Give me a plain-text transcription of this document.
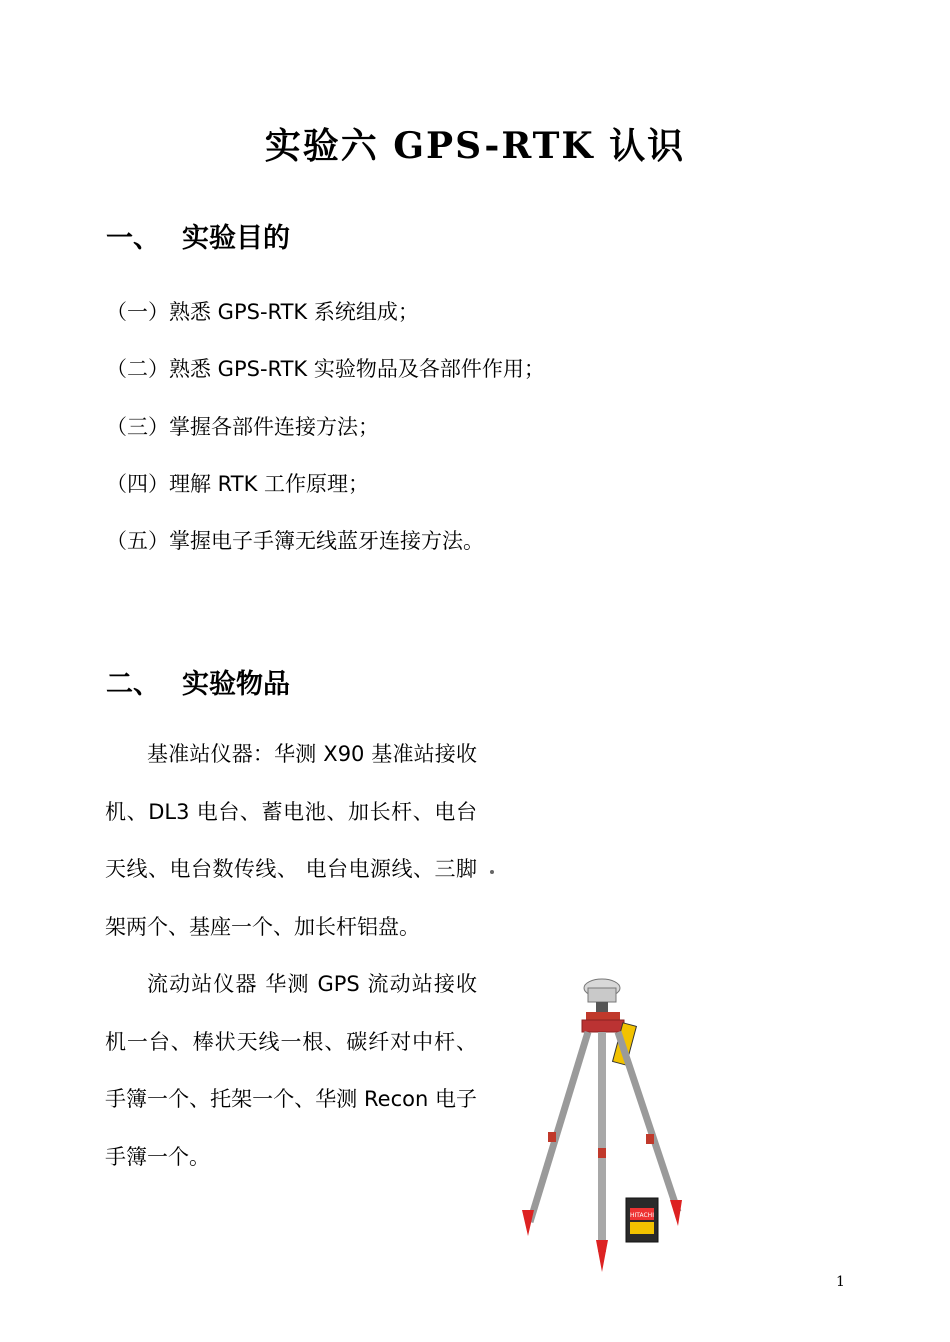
实验六 GPS-RTK 认识
一、 实验目的
（一）熟悉 GPS-RTK 系统组成；
（二）熟悉 GPS-RTK 实验物品及各部件作用；
（三）掌握各部件连接方法；
（四）理解 RTK 工作原理；
（五）掌握电子手簿无线蓝牙连接方法。
二、 实验物品

基准站仪器：华测 X90 基准站接收机、DL3 电台、蓄电池、加长杆、电台天线、电台数传线、 电台电源线、三脚架两个、基座一个、加长杆铝盘。

流动站仪器 华测 GPS 流动站接收机一台、棒状天线一根、碳纤对中杆、手簿一个、托架一个、华测 Recon 电子手簿一个。

HITACHI
1
